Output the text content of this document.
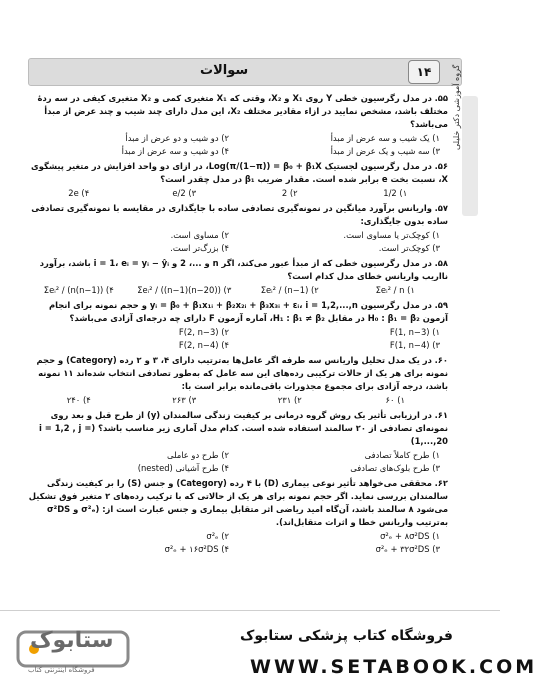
سوالات	۱۴	گروه آموزشی دکتر خلیلی
۵۵. در مدل رگرسیون خطی Y روی X₁ و X₂، وقتی که X₁ متغیری کمی و X₂ متغیری کیفی در سه ردهٔ مختلف باشد، مشخص نمایید در ازاء مقادیر مختلف X₂، این مدل دارای چند شیب و چند عرض از مبدأ می‌باشد؟
۱) یک شیب و سه عرض از مبدأ
۲) دو شیب و دو عرض از مبدأ
۳) سه شیب و یک عرض از مبدأ
۴) دو شیب و سه عرض از مبدأ
۵۶. در مدل رگرسیون لجستیک Log(π/(1−π)) = β₀ + β₁X، در ازای دو واحد افزایش در متغیر پیشگوی X، نسبت بخت e برابر شده است. مقدار ضریب β₁ در مدل چقدر است؟
۱) 1/2
۲) 2
۳) e/2
۴) 2e
۵۷. واریانس برآورد میانگین در نمونه‌گیری تصادفی ساده با جایگذاری در مقایسه با نمونه‌گیری تصادفی ساده بدون جایگذاری:
۱) کوچک‌تر یا مساوی است.
۲) مساوی است.
۳) کوچک‌تر است.
۴) بزرگ‌تر است.
۵۸. در مدل رگرسیون خطی که از مبدأ عبور می‌کند، اگر n و ...، 2 و i = 1، eᵢ = yᵢ − ŷᵢ باشد، برآورد نااریب واریانس خطای مدل کدام است؟
۱) Σeᵢ² / n
۲) Σeᵢ² / (n−1)
۳) Σeᵢ² / ((n−1)(n−20))
۴) Σeᵢ² / (n(n−1))
۵۹. در مدل رگرسیون yᵢ = β₀ + β₁x₁ᵢ + β₂x₂ᵢ + β₃x₃ᵢ + εᵢ، i = 1,2,...,n و حجم نمونه برای انجام آزمون H₀ : β₁ = β₂ در مقابل H₁ : β₁ ≠ β₂، آماره آزمون F دارای چه درجه‌ای آزادی می‌باشد؟
۱) F(1, n−3)
۲) F(2, n−3)
۳) F(1, n−4)
۴) F(2, n−4)
۶۰. در یک مدل تحلیل واریانس سه طرفه اگر عامل‌ها به‌ترتیب دارای ۴، ۳ و ۲ رده (Category) و حجم نمونه برای هر یک از حالات ترکیبی رده‌های این سه عامل که به‌طور تصادفی انتخاب شده‌اند ۱۱ نمونه باشد، درجه آزادی برای مجموع مجذورات باقی‌مانده برابر است با:
۱) ۶۰
۲) ۲۳۱
۳) ۲۶۳
۴) ۲۴۰
۶۱. در ارزیابی تأثیر یک روش گروه درمانی بر کیفیت زندگی سالمندان (y) از طرح قبل و بعد روی نمونه‌ای تصادفی از ۲۰ سالمند استفاده شده است. کدام مدل آماری زیر مناسب باشد؟ (i = 1,2 , j = 1,...,20)
۱) طرح کاملاً تصادفی
۲) طرح دو عاملی
۳) طرح بلوک‌های تصادفی
۴) طرح آشیانی (nested)
۶۲. محققی می‌خواهد تأثیر نوعی بیماری (D) با ۴ رده (Category) و جنس (S) را بر کیفیت زندگی سالمندان بررسی نماید. اگر حجم نمونه برای هر یک از حالاتی که با ترکیب رده‌های ۲ متغیر فوق تشکیل می‌شود ۸ سالمند باشد، آن‌گاه امید ریاضی اثر متقابل بیماری و جنس عبارت است از: (σ²ₑ و σ²DS به‌ترتیب واریانس خطا و اثرات متقابل‌اند).
۱) σ²ₑ + ۸σ²DS
۲) σ²ₑ
۳) σ²ₑ + ۳۲σ²DS
۴) σ²ₑ + ۱۶σ²DS
ستابوک
فروشگاه اینترنتی کتاب
فروشگاه کتاب پزشکی ستابوک
WWW.SETABOOK.COM
